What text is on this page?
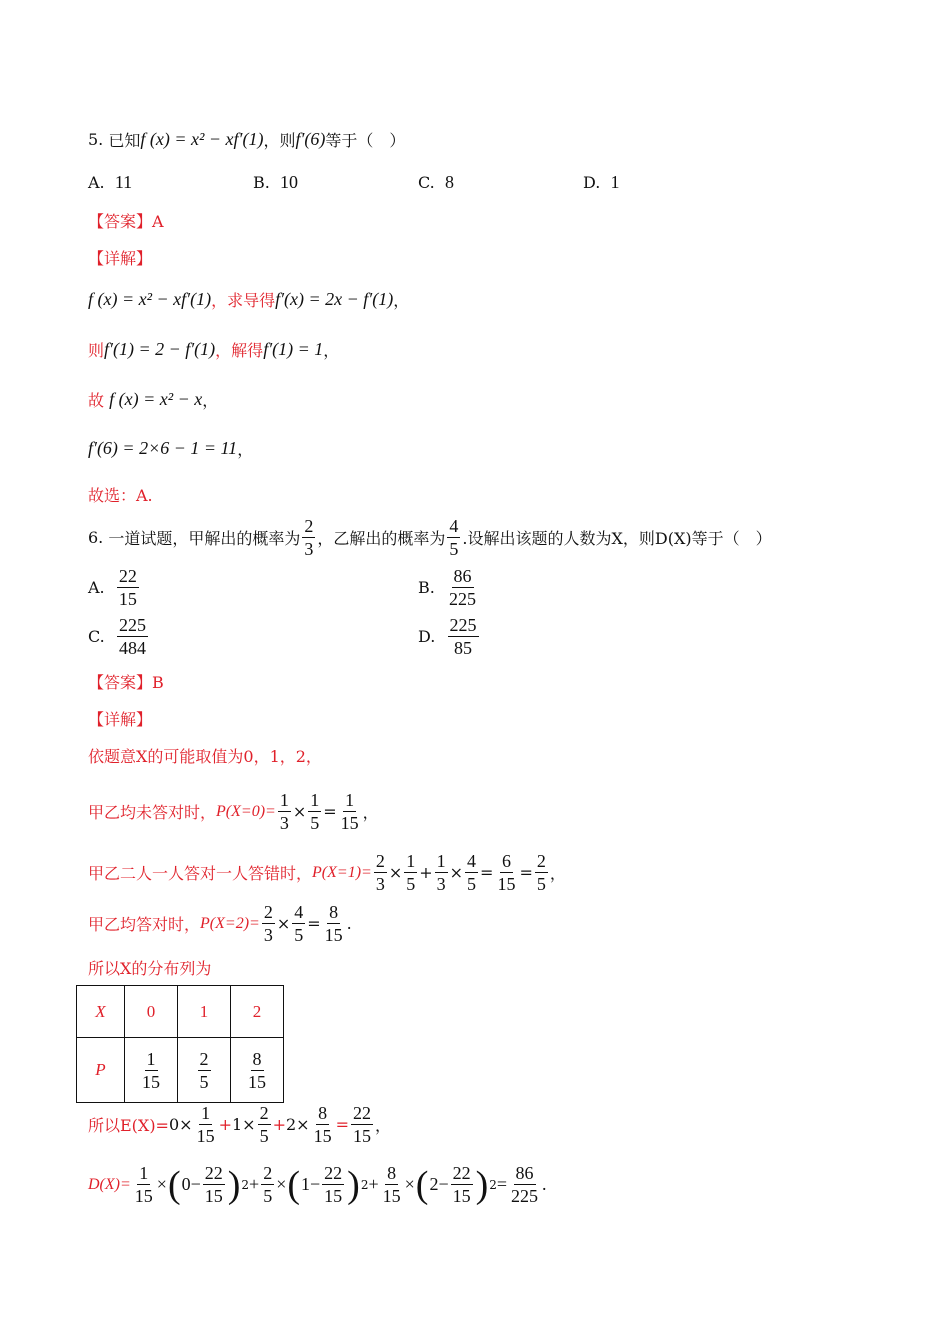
5.
已知 f (x) = x² − xf′(1) ，则 f′(6) 等于（　）
A.
11	B.
10	C.
8	D.
1
【答案】A
【详解】
f (x) = x² − xf′(1) ，求导得 f′(x) = 2x − f′(1) ，
则 f′(1) = 2 − f′(1) ，解得 f′(1) = 1 ，
故
f (x) = x² − x ，
f′(6) = 2×6 − 1 = 11 ，
故选：A.
6.
一道试题，甲解出的概率为 $\frac{2}{3}$ ，乙解出的概率为 $\frac{4}{5}$ .设解出该题的人数为X，则D(X)等于（　）
A.
$\frac{22}{15}$	B.
$\frac{86}{225}$
C.
$\frac{225}{484}$	D.
$\frac{225}{85}$
【答案】B
【详解】
依题意X的可能取值为0，1，2，
甲乙均未答对时， $P(X=0)= \frac{1}{3} \times \frac{1}{5} = \frac{1}{15}$ ，
甲乙二人一人答对一人答错时， $P(X=1)= \frac{2}{3} \times \frac{1}{5} + \frac{1}{3} \times \frac{4}{5} = \frac{6}{15} = \frac{2}{5}$ ，
甲乙均答对时， $P(X=2)= \frac{2}{3} \times \frac{4}{5} = \frac{8}{15}$ .
所以X的分布列为
X	0	1	2
P	$\frac{1}{15}$	$\frac{2}{5}$	$\frac{8}{15}$
所以$E(X)= 0\times \frac{1}{15} + 1\times \frac{2}{5} + 2\times \frac{8}{15} = \frac{22}{15}$ ，
$D(X)= \frac{1}{15}$ × ( $0- \frac{22}{15}$ ) $2 + \frac{2}{5}$ × ( $1- \frac{22}{15}$ ) $2 + \frac{8}{15}$ × ( $2- \frac{22}{15}$ ) $2 = \frac{86}{225}$ .
